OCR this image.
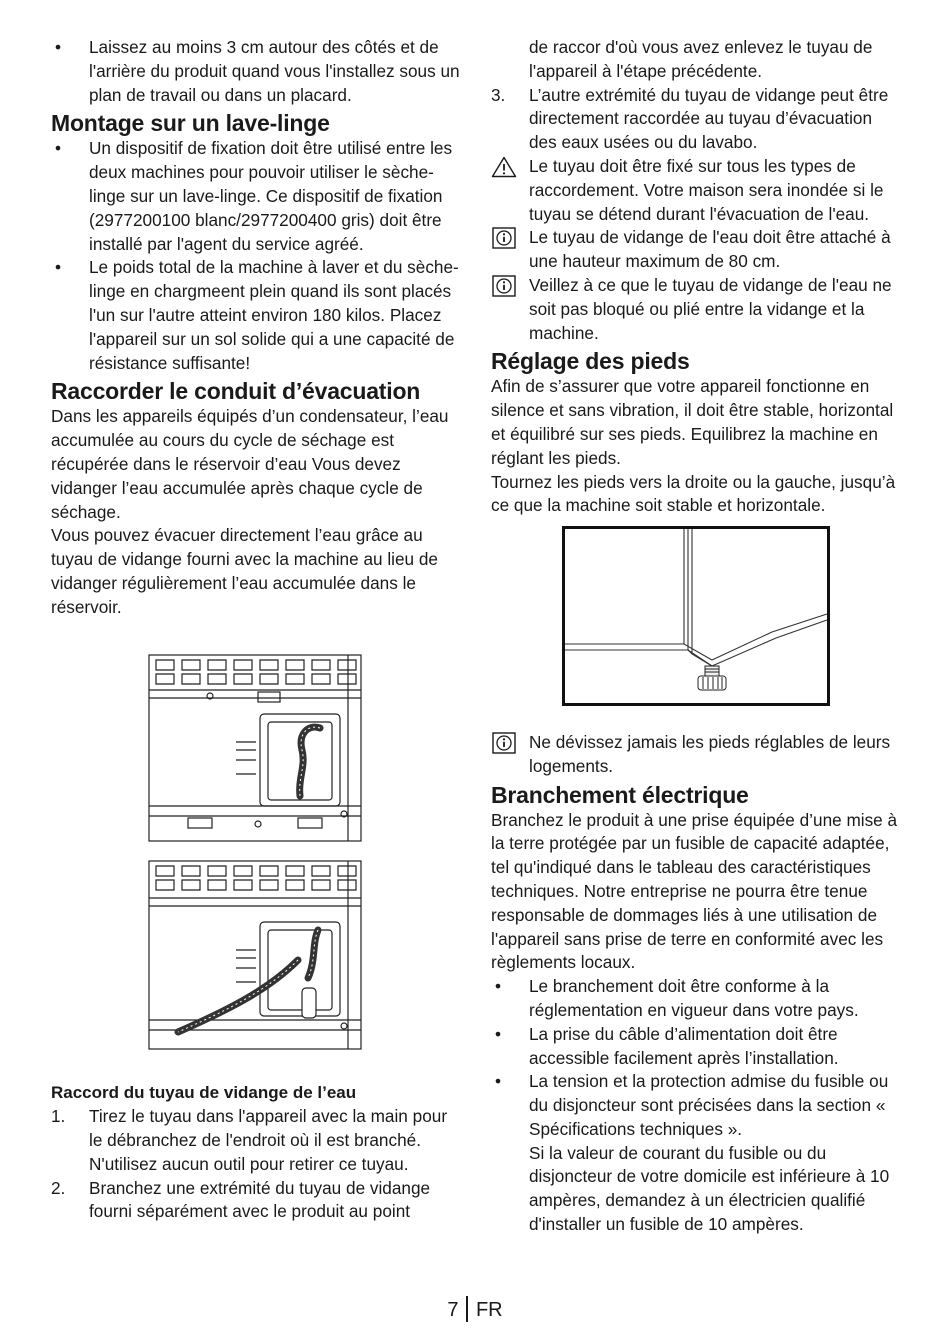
•	Laissez au moins 3 cm autour des côtés et de l'arrière du produit quand vous l'installez sous un plan de travail ou dans un placard.
Montage sur un lave-linge
•	Un dispositif de fixation doit être utilisé entre les deux machines pour pouvoir utiliser le sèche-linge sur un lave-linge. Ce dispositif de fixation (2977200100 blanc/2977200400 gris) doit être installé par l'agent du service agréé.
•	Le poids total de la machine à laver et du sèche-linge en chargmeent plein quand ils sont placés l'un sur l'autre atteint environ 180 kilos. Placez l'appareil sur un sol solide qui a une capacité de résistance suffisante!
Raccorder le conduit d’évacuation

Dans les appareils équipés d’un condensateur, l’eau accumulée au cours du cycle de séchage est récupérée dans le réservoir d’eau Vous devez vidanger l’eau accumulée après chaque cycle de séchage.

Vous pouvez évacuer directement l’eau grâce au tuyau de vidange fourni avec la machine au lieu de vidanger régulièrement l’eau accumulée dans le réservoir.

Raccord du tuyau de vidange de l’eau
1.	Tirez le tuyau dans l'appareil avec la main pour le débranchez de l'endroit où il est branché. N'utilisez aucun outil pour retirer ce tuyau.
2.	Branchez une extrémité du tuyau de vidange fourni séparément avec le produit au point

de raccor d'où vous avez enlevez le tuyau de l'appareil à l'étape précédente.

3.	L’autre extrémité du tuyau de vidange peut être directement raccordée au tuyau d’évacuation des eaux usées ou du lavabo.
Le tuyau doit être fixé sur tous les types de raccordement. Votre maison sera inondée si le tuyau se détend durant l'évacuation de l'eau.
Le tuyau de vidange de l'eau doit être attaché à une hauteur maximum de 80 cm.
Veillez à ce que le tuyau de vidange de l'eau ne soit pas bloqué ou plié entre la vidange et la machine.
Réglage des pieds

Afin de s’assurer que votre appareil fonctionne en silence et sans vibration, il doit être stable, horizontal et équilibré sur ses pieds. Equilibrez la machine en réglant les pieds.

Tournez les pieds vers la droite ou la gauche, jusqu’à ce que la machine soit stable et horizontale.

Ne dévissez jamais les pieds réglables de leurs logements.
Branchement électrique

Branchez le produit à une prise équipée d’une mise à la terre protégée par un fusible de capacité adaptée, tel qu'indiqué dans le tableau des caractéristiques techniques. Notre entreprise ne pourra être tenue responsable de dommages liés à une utilisation de l'appareil sans prise de terre en conformité avec les règlements locaux.

•	Le branchement doit être conforme à la réglementation en vigueur dans votre pays.
•	La prise du câble d’alimentation doit être accessible facilement après l’installation.
•	La tension et la protection admise du fusible ou du disjoncteur sont précisées dans la section « Spécifications techniques ».

Si la valeur de courant du fusible ou du disjoncteur de votre domicile est inférieure à 10 ampères, demandez à un électricien qualifié d'installer un fusible de 10 ampères.

7 FR
